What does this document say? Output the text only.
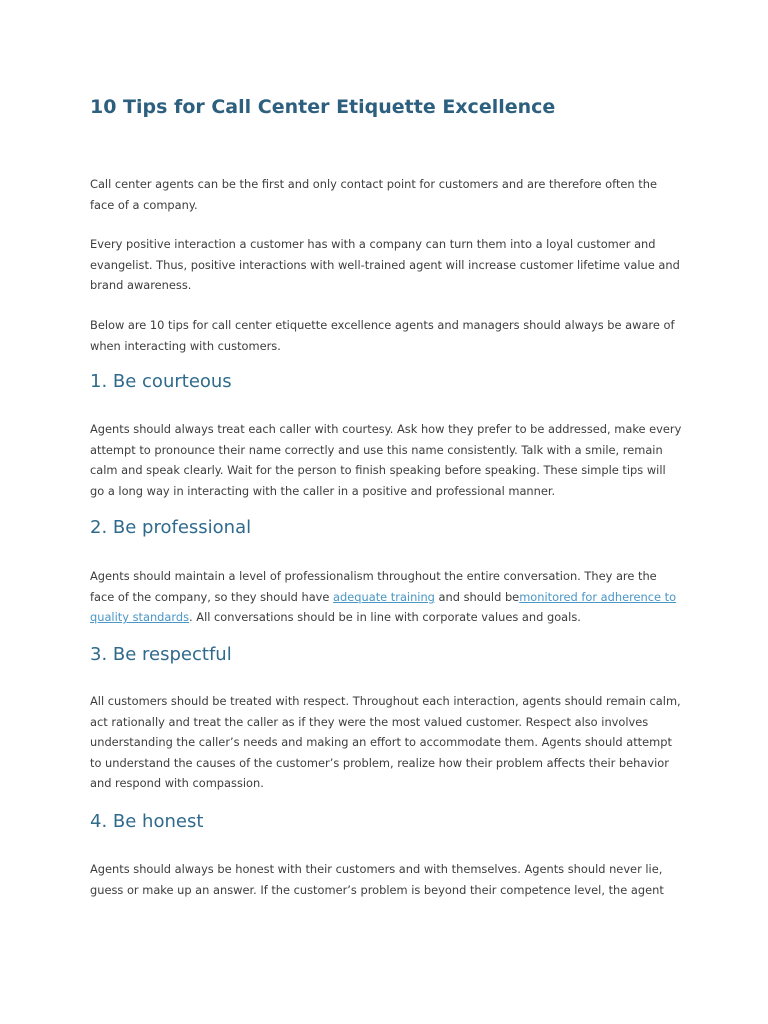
10 Tips for Call Center Etiquette Excellence

Call center agents can be the first and only contact point for customers and are therefore often the face of a company.

Every positive interaction a customer has with a company can turn them into a loyal customer and evangelist. Thus, positive interactions with well-trained agent will increase customer lifetime value and brand awareness.

Below are 10 tips for call center etiquette excellence agents and managers should always be aware of when interacting with customers.

1. Be courteous

Agents should always treat each caller with courtesy. Ask how they prefer to be addressed, make every attempt to pronounce their name correctly and use this name consistently. Talk with a smile, remain calm and speak clearly. Wait for the person to finish speaking before speaking. These simple tips will go a long way in interacting with the caller in a positive and professional manner.

2. Be professional

Agents should maintain a level of professionalism throughout the entire conversation. They are the face of the company, so they should have adequate training and should bemonitored for adherence to quality standards. All conversations should be in line with corporate values and goals.

3. Be respectful

All customers should be treated with respect. Throughout each interaction, agents should remain calm, act rationally and treat the caller as if they were the most valued customer. Respect also involves understanding the caller’s needs and making an effort to accommodate them. Agents should attempt to understand the causes of the customer’s problem, realize how their problem affects their behavior and respond with compassion.

4. Be honest

Agents should always be honest with their customers and with themselves. Agents should never lie, guess or make up an answer. If the customer’s problem is beyond their competence level, the agent
